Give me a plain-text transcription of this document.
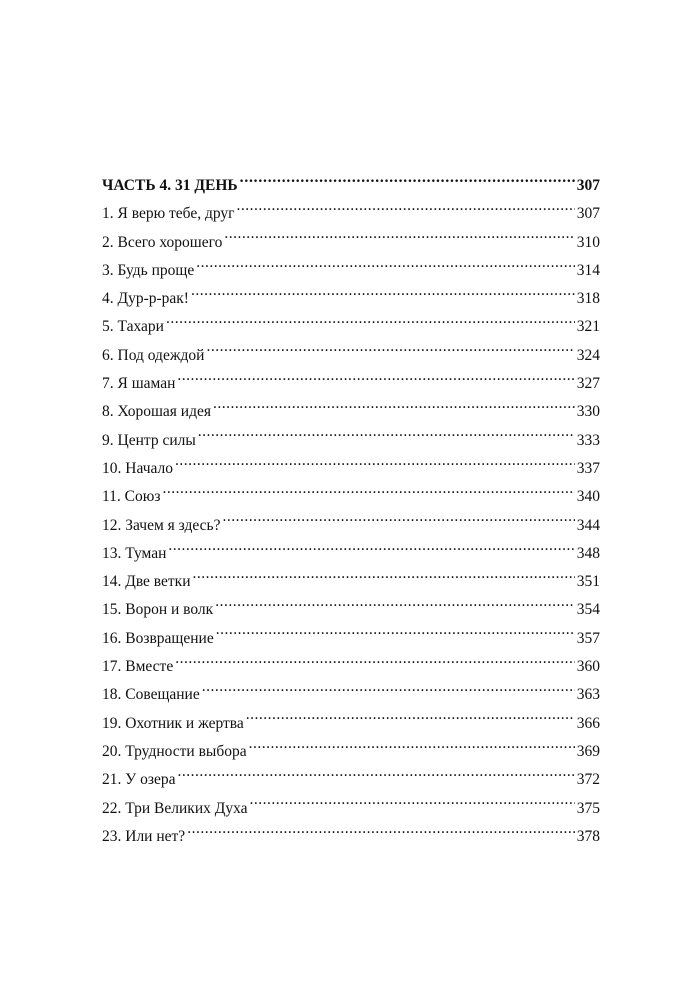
ЧАСТЬ 4. 31 ДЕНЬ .....	307
1. Я верю тебе, друг .....	307
2. Всего хорошего .....	310
3. Будь проще .....	314
4. Дур-р-рак! .....	318
5. Тахари .....	321
6. Под одеждой .....	324
7. Я шаман .....	327
8. Хорошая идея .....	330
9. Центр силы .....	333
10. Начало .....	337
11. Союз .....	340
12. Зачем я здесь? .....	344
13. Туман .....	348
14. Две ветки .....	351
15. Ворон и волк .....	354
16. Возвращение .....	357
17. Вместе .....	360
18. Совещание .....	363
19. Охотник и жертва .....	366
20. Трудности выбора .....	369
21. У озера .....	372
22. Три Великих Духа .....	375
23. Или нет? .....	378
